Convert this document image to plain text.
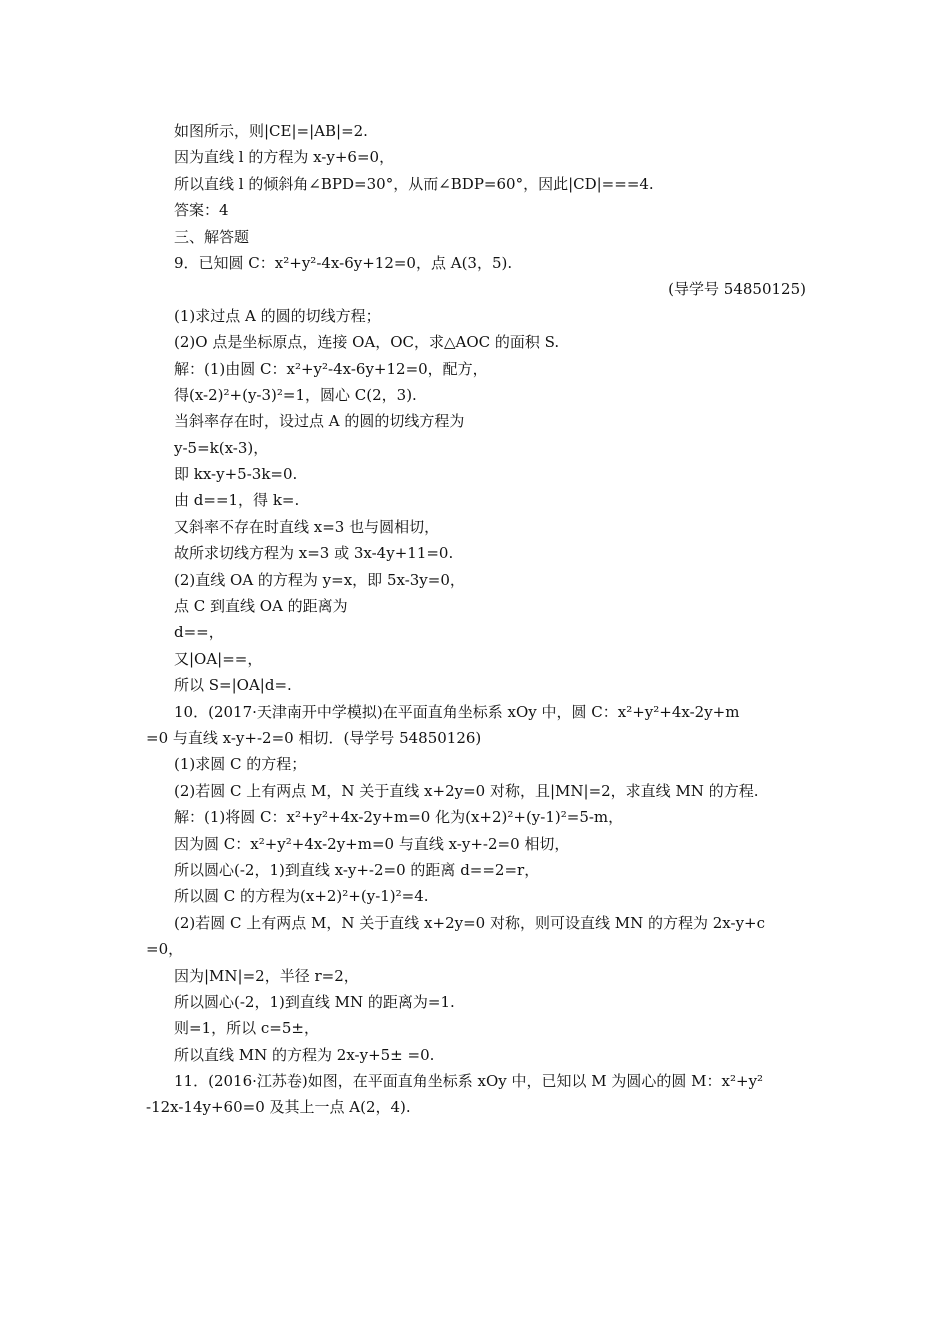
如图所示，则|CE|=|AB|=2.
因为直线 l 的方程为 x-y+6=0，
所以直线 l 的倾斜角∠BPD=30°，从而∠BDP=60°，因此|CD|===4.
答案：4
三、解答题
9．已知圆 C：x²+y²-4x-6y+12=0，点 A(3，5).
(导学号 54850125)
(1)求过点 A 的圆的切线方程；
(2)O 点是坐标原点，连接 OA，OC，求△AOC 的面积 S.
解：(1)由圆 C：x²+y²-4x-6y+12=0，配方，
得(x-2)²+(y-3)²=1，圆心 C(2，3).
当斜率存在时，设过点 A 的圆的切线方程为
y-5=k(x-3)，
即 kx-y+5-3k=0.
由 d==1，得 k=.
又斜率不存在时直线 x=3 也与圆相切，
故所求切线方程为 x=3 或 3x-4y+11=0.
(2)直线 OA 的方程为 y=x，即 5x-3y=0，
点 C 到直线 OA 的距离为
d==，
又|OA|==，
所以 S=|OA|d=.
10．(2017·天津南开中学模拟)在平面直角坐标系 xOy 中，圆 C：x²+y²+4x-2y+m
=0 与直线 x-y+-2=0 相切．(导学号 54850126)
(1)求圆 C 的方程；
(2)若圆 C 上有两点 M，N 关于直线 x+2y=0 对称，且|MN|=2，求直线 MN 的方程.
解：(1)将圆 C：x²+y²+4x-2y+m=0 化为(x+2)²+(y-1)²=5-m，
因为圆 C：x²+y²+4x-2y+m=0 与直线 x-y+-2=0 相切，
所以圆心(-2，1)到直线 x-y+-2=0 的距离 d==2=r，
所以圆 C 的方程为(x+2)²+(y-1)²=4.
(2)若圆 C 上有两点 M，N 关于直线 x+2y=0 对称，则可设直线 MN 的方程为 2x-y+c
=0，
因为|MN|=2，半径 r=2，
所以圆心(-2，1)到直线 MN 的距离为=1.
则=1，所以 c=5±，
所以直线 MN 的方程为 2x-y+5± =0.
11．(2016·江苏卷)如图，在平面直角坐标系 xOy 中，已知以 M 为圆心的圆 M：x²+y²
-12x-14y+60=0 及其上一点 A(2，4).
